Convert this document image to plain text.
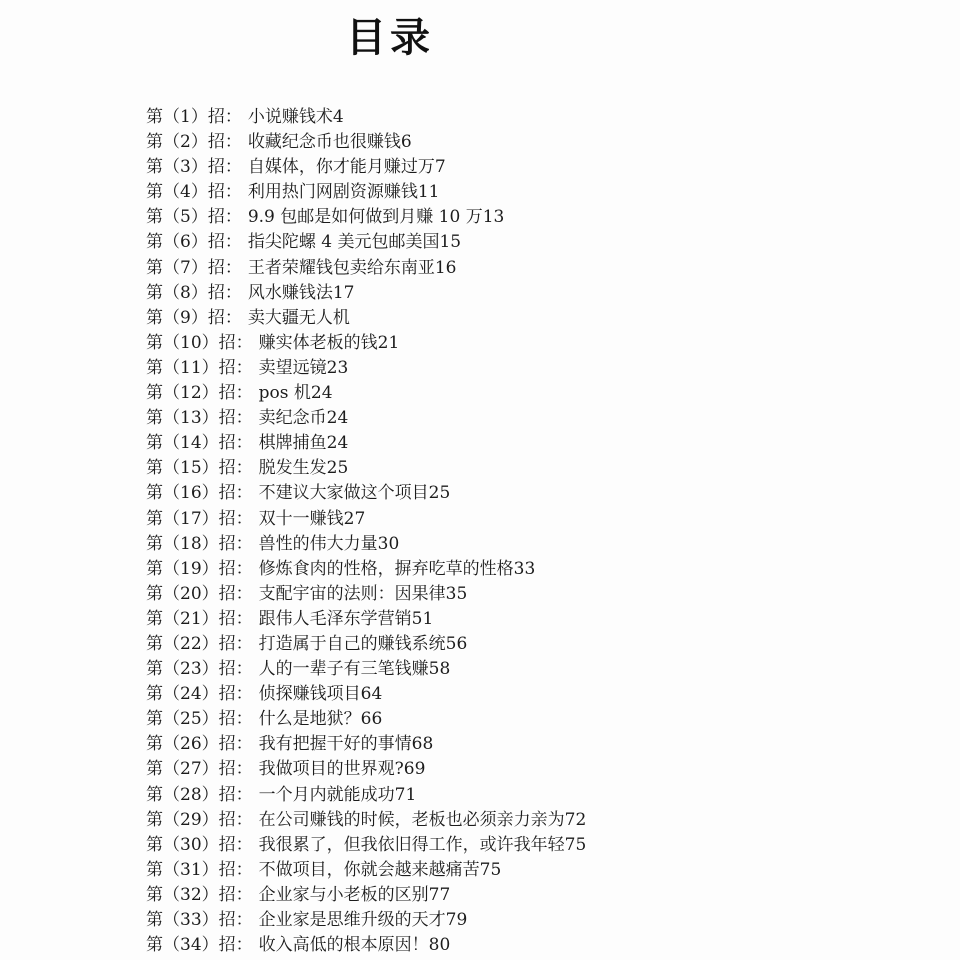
目录
第（1）招： 小说赚钱术4
第（2）招： 收藏纪念币也很赚钱6
第（3）招： 自媒体，你才能月赚过万7
第（4）招： 利用热门网剧资源赚钱11
第（5）招： 9.9 包邮是如何做到月赚 10 万13
第（6）招： 指尖陀螺 4 美元包邮美国15
第（7）招： 王者荣耀钱包卖给东南亚16
第（8）招： 风水赚钱法17
第（9）招： 卖大疆无人机
第（10）招： 赚实体老板的钱21
第（11）招： 卖望远镜23
第（12）招： pos 机24
第（13）招： 卖纪念币24
第（14）招： 棋牌捕鱼24
第（15）招： 脱发生发25
第（16）招： 不建议大家做这个项目25
第（17）招： 双十一赚钱27
第（18）招： 兽性的伟大力量30
第（19）招： 修炼食肉的性格，摒弃吃草的性格33
第（20）招： 支配宇宙的法则：因果律35
第（21）招： 跟伟人毛泽东学营销51
第（22）招： 打造属于自己的赚钱系统56
第（23）招： 人的一辈子有三笔钱赚58
第（24）招： 侦探赚钱项目64
第（25）招： 什么是地狱？66
第（26）招： 我有把握干好的事情68
第（27）招： 我做项目的世界观?69
第（28）招： 一个月内就能成功71
第（29）招： 在公司赚钱的时候，老板也必须亲力亲为72
第（30）招： 我很累了，但我依旧得工作，或许我年轻75
第（31）招： 不做项目，你就会越来越痛苦75
第（32）招： 企业家与小老板的区别77
第（33）招： 企业家是思维升级的天才79
第（34）招： 收入高低的根本原因！80
